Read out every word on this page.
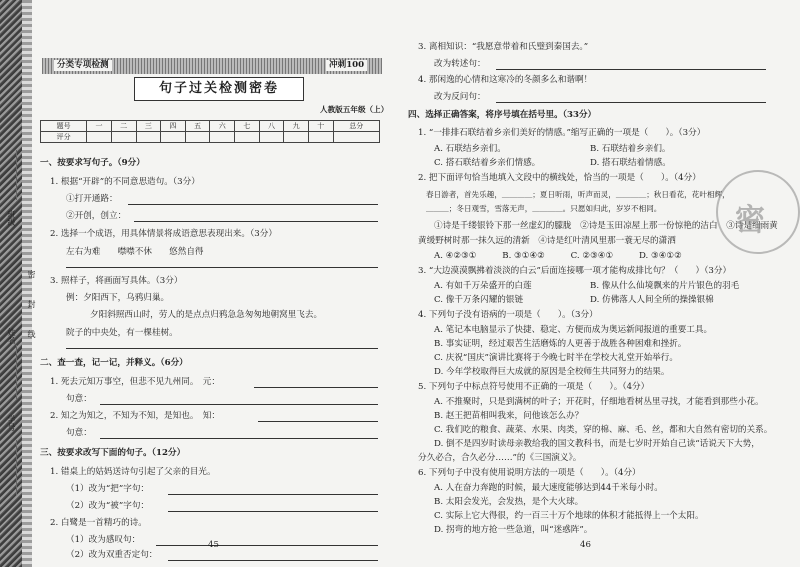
班级
姓名
学号
密
封
线
分类专项检测	冲刺100
句子过关检测密卷
人教版五年级（上）
题号	一	二	三	四	五	六	七	八	九	十	总分
评分											
一、按要求写句子。（9分）
1. 根据“开辟”的不同意思造句。（3分）
①打开通路：
②开创，创立：
2. 选择一个成语，用具体情景将成语意思表现出来。（3分）
左右为难　　噤噤不休　　悠然自得
3. 照样子，将画面写具体。（3分）
例：夕阳西下，乌鸦归巢。
夕阳斜照西山时，劳人的是点点归鸦急急匆匆地朝窝里飞去。
院子的中央处，有一棵桂树。
二、查一查，记一记，并释义。（6分）
1. 死去元知万事空，但悲不见九州同。　元：
句意：
2. 知之为知之，不知为不知，是知也。　知：
句意：
三、按要求改写下面的句子。（12分）
1. 错桌上的姑妈送诗句引起了父亲的目光。
（1）改为“把”字句：
（2）改为“被”字句：
2. 白鹭是一首精巧的诗。
（1）改为感叹句：
（2）改为双重否定句：
45
3. 离相知识：“我愿意带着和氏璧到秦国去。”
改为转述句：
4. 那闲逸的心情和这寒冷的冬颜多么和谐啊！
改为反问句：
四、选择正确答案，将序号填在括号里。（33分）
1. “一排排石联结着乡亲们美好的情感。”缩写正确的一项是（　　）。（3分）
A. 石联结乡亲们。	B. 石联结着乡亲们。
C. 搭石联结着乡亲们情感。	D. 搭石联结着情感。
2. 把下面评句恰当地填入文段中的横线处，恰当的一项是（　　）。（4分）
春日游者，首先乐趣，＿＿＿＿；夏日听雨，听声而灵，＿＿＿＿；秋日看花，花叶相辉，
＿＿＿；冬日观雪，雪落无声，＿＿＿＿。只愿如归此，岁岁不相同。
①诗是千缕银铃下那一丝虚幻的朦胧　②诗是玉田凉屋上那一份惊艳的洁白　③诗是细雨黄
黄缓野树时那一抹久远的清新　④诗是红叶清风里那一蓑无尽的潇洒
A. ④②③①　　　B. ③①④②　　　C. ②③④①　　　D. ③④①②
3. “大边漠漠飘拂着淡淡的白云”后面连接哪一项才能构成排比句？（　　）（3分）
A. 有如千万朵盛开的白莲	B. 像从什么仙境飘来的片片银色的羽毛
C. 像千万条闪耀的银链	D. 仿佛落人人间全所的操操银棉
4. 下列句子没有语病的一项是（　　）。（3分）
A. 笔记本电脑显示了快捷、稳定、方便而成为奥运新闻报道的重要工具。
B. 事实证明，经过艰苦生活磨炼的人更善于战胜各种困难和挫折。
C. 庆祝“国庆”演讲比赛将于今晚七时半在学校大礼堂开始举行。
D. 今年学校取得巨大成就的原因是全校师生共同努力的结果。
5. 下列句子中标点符号使用不正确的一项是（　　）。（4分）
A. 不推聚时，只是到满树的叶子；开花时，仔细地看树丛里寻找，才能看到那些小花。
B. 赵王把苗相叫我来，问他该怎么办？
C. 我们吃的粮食、蔬菜、水果、肉类，穿的棉、麻、毛、丝，都和大自然有密切的关系。
D. 倒不是四岁时读母亲教给我的国文教科书，而是七岁时开始自己读“话说天下大势，
分久必合，合久必分……”的《三国演义》。
6. 下列句子中没有使用说明方法的一项是（　　）。（4分）
A. 人在奋力奔跑的时候，最大速度能够达到44千米每小时。
B. 太阳会发光，会发热，是个大火球。
C. 实际上它大得很，约一百三十万个地球的体积才能抵得上一个太阳。
D. 拐弯的地方抢一些急道，叫“迷惑阵”。
46
密
